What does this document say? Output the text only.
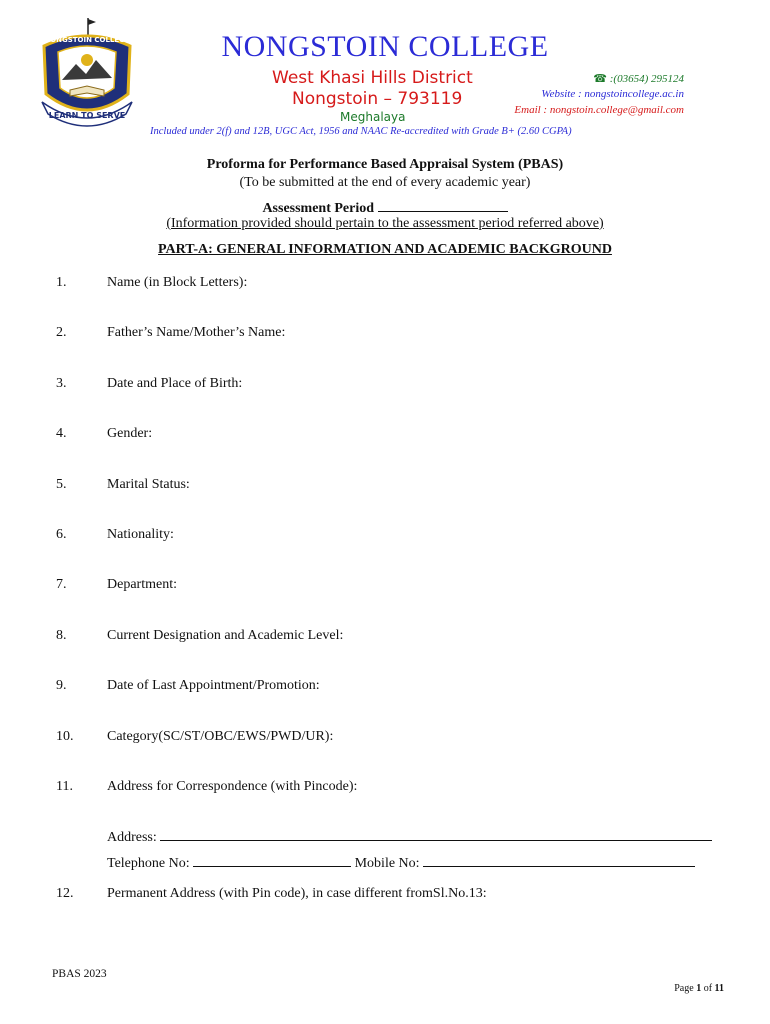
NONGSTOIN COLLEGE
LEARN TO SERVE
NONGSTOIN COLLEGE
West Khasi Hills District
Nongstoin – 793119
Meghalaya
☎ :(03654) 295124
Website : nongstoincollege.ac.in
Email : nongstoin.college@gmail.com
Included under 2(f) and 12B, UGC Act, 1956 and NAAC Re-accredited with Grade B+ (2.60 CGPA)
Proforma for Performance Based Appraisal System (PBAS)
(To be submitted at the end of every academic year)
Assessment Period
(Information provided should pertain to the assessment period referred above)
PART-A: GENERAL INFORMATION AND ACADEMIC BACKGROUND
1.	Name (in Block Letters):
2.	Father’s Name/Mother’s Name:
3.	Date and Place of Birth:
4.	Gender:
5.	Marital Status:
6.	Nationality:
7.	Department:
8.	Current Designation and Academic Level:
9.	Date of Last Appointment/Promotion:
10. Category(SC/ST/OBC/EWS/PWD/UR):
11. Address for Correspondence (with Pincode):
Address:
Telephone No:	Mobile No:
12. Permanent Address (with Pin code), in case different fromSl.No.13:
PBAS 2023
Page 1 of 11
